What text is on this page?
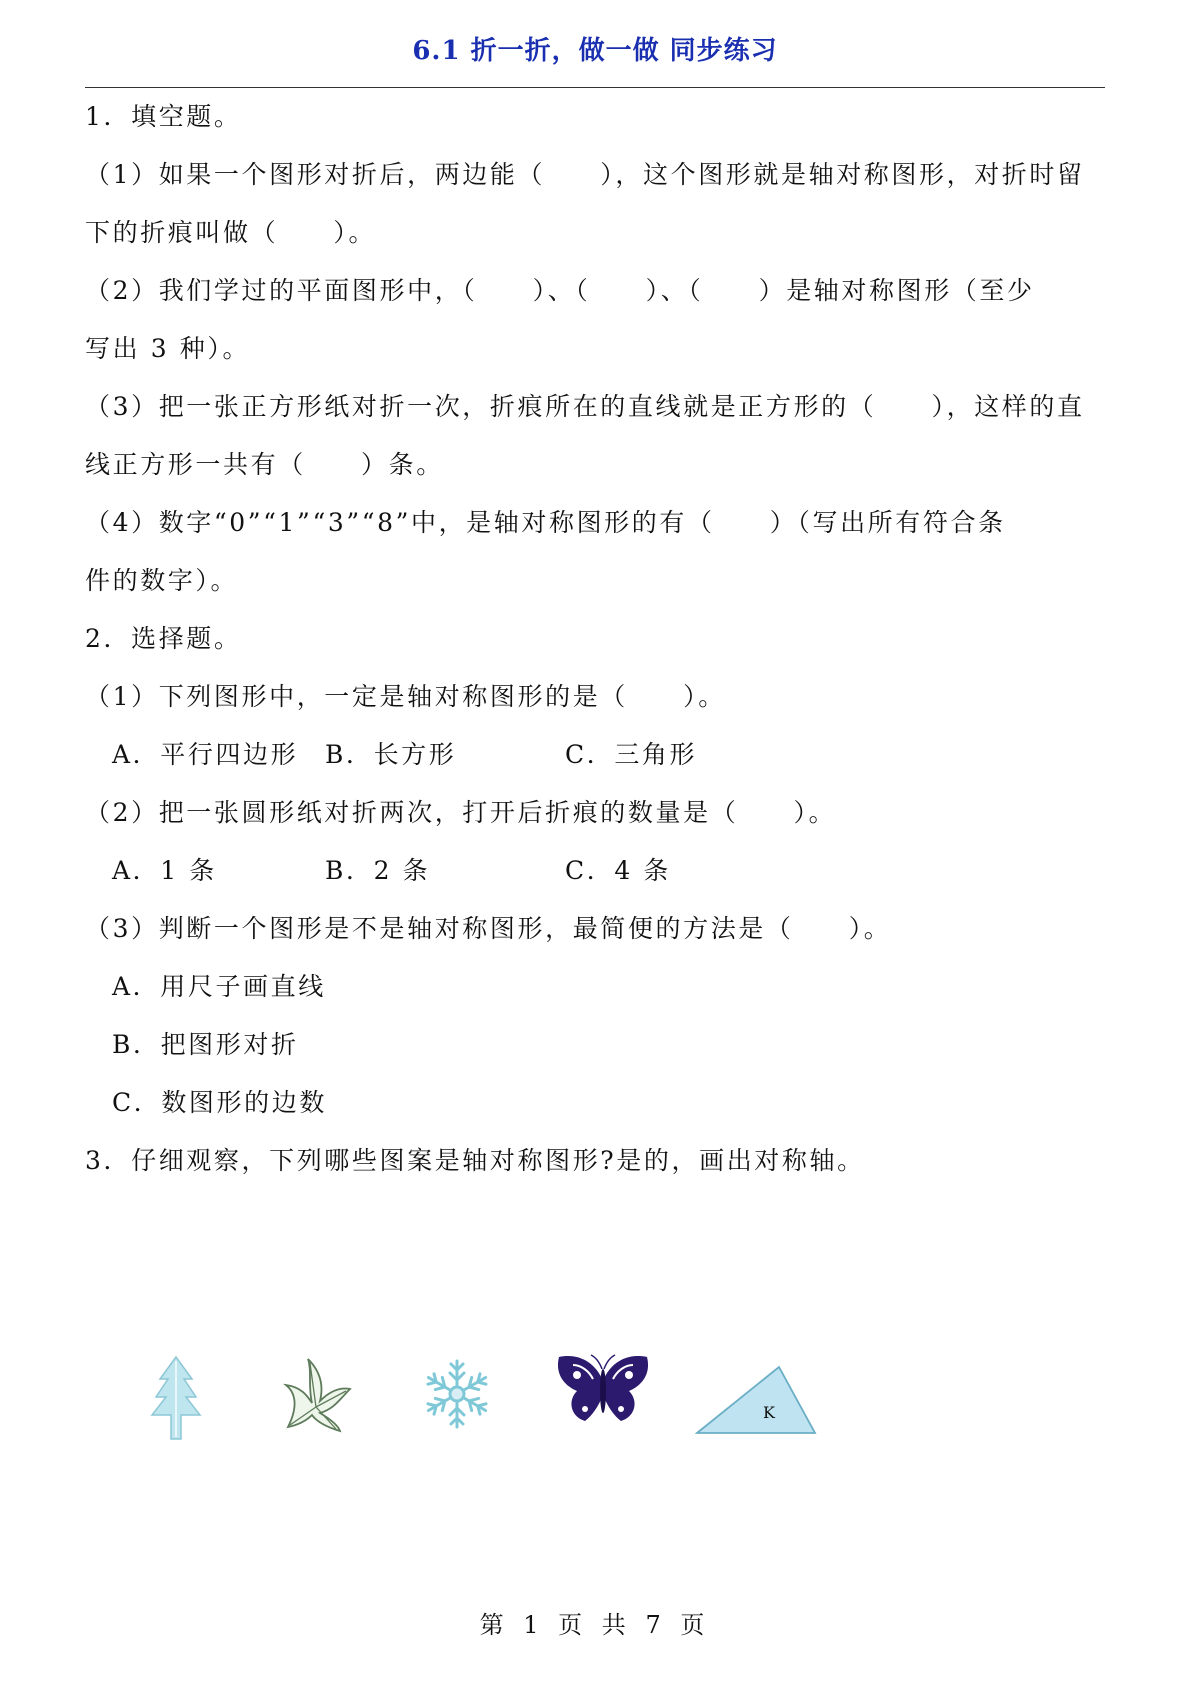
6.1 折一折，做一做 同步练习
1．填空题。
（1）如果一个图形对折后，两边能（　　），这个图形就是轴对称图形，对折时留
下的折痕叫做（　　）。
（2）我们学过的平面图形中，（　　）、（　　）、（　　）是轴对称图形（至少
写出 3 种）。
（3）把一张正方形纸对折一次，折痕所在的直线就是正方形的（　　），这样的直
线正方形一共有（　　）条。
（4）数字“0”“1”“3”“8”中，是轴对称图形的有（　　）（写出所有符合条
件的数字）。
2．选择题。
（1）下列图形中，一定是轴对称图形的是（　　）。
A．平行四边形 B．长方形	C．三角形
（2）把一张圆形纸对折两次，打开后折痕的数量是（　　）。
A．1 条	B．2 条	C．4 条
（3）判断一个图形是不是轴对称图形，最简便的方法是（　　）。
A．用尺子画直线
B．把图形对折
C．数图形的边数
3．仔细观察，下列哪些图案是轴对称图形?是的，画出对称轴。
K
第 1 页 共 7 页
